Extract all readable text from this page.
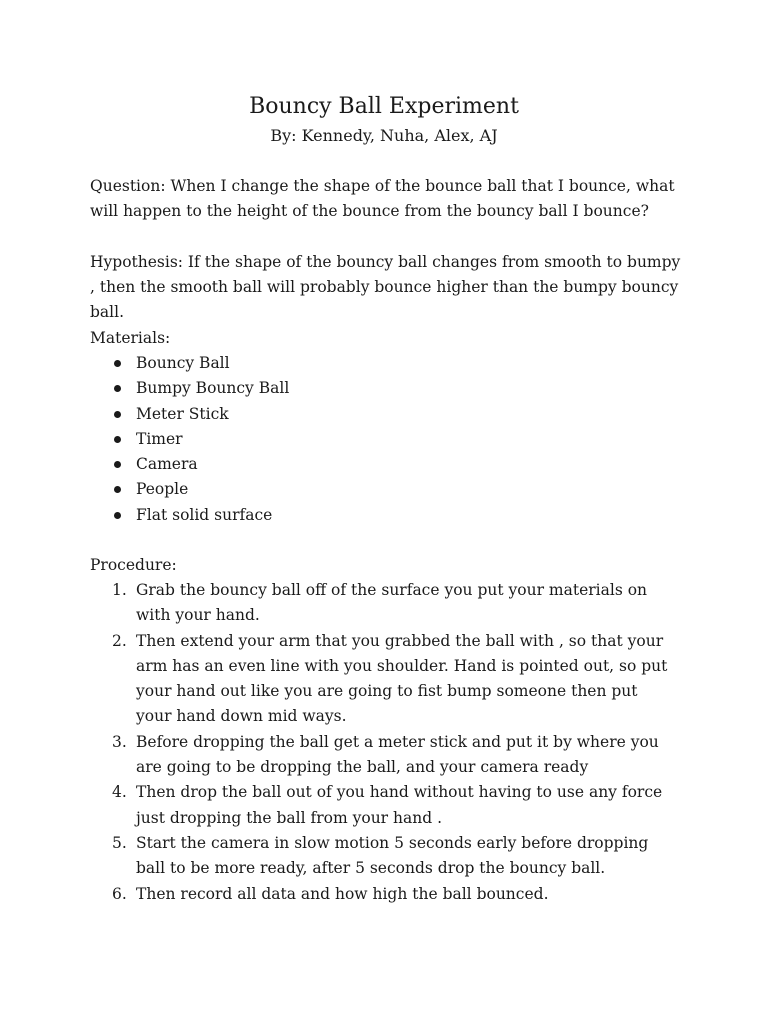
Bouncy Ball Experiment
By: Kennedy, Nuha, Alex, AJ

Question: When I change the shape of the bounce ball that I bounce, what will happen to the height of the bounce from the bouncy ball I bounce?

Hypothesis: If the shape of the bouncy ball changes from smooth to bumpy , then the smooth ball will probably bounce higher than the bumpy bouncy ball.

Materials:

Bouncy Ball
Bumpy Bouncy Ball
Meter Stick
Timer
Camera
People
Flat solid surface

Procedure:

1. Grab the bouncy ball off of the surface you put your materials on with your hand.
2. Then extend your arm that you grabbed the ball with , so that your arm has an even line with you shoulder. Hand is pointed out, so put your hand out like you are going to fist bump someone then put your hand down mid ways.
3. Before dropping the ball get a meter stick and put it by where you are going to be dropping the ball, and your camera ready
4. Then drop the ball out of you hand without having to use any force just dropping the ball from your hand .
5. Start the camera in slow motion 5 seconds early before dropping ball to be more ready, after 5 seconds drop the bouncy ball.
6. Then record all data and how high the ball bounced.
